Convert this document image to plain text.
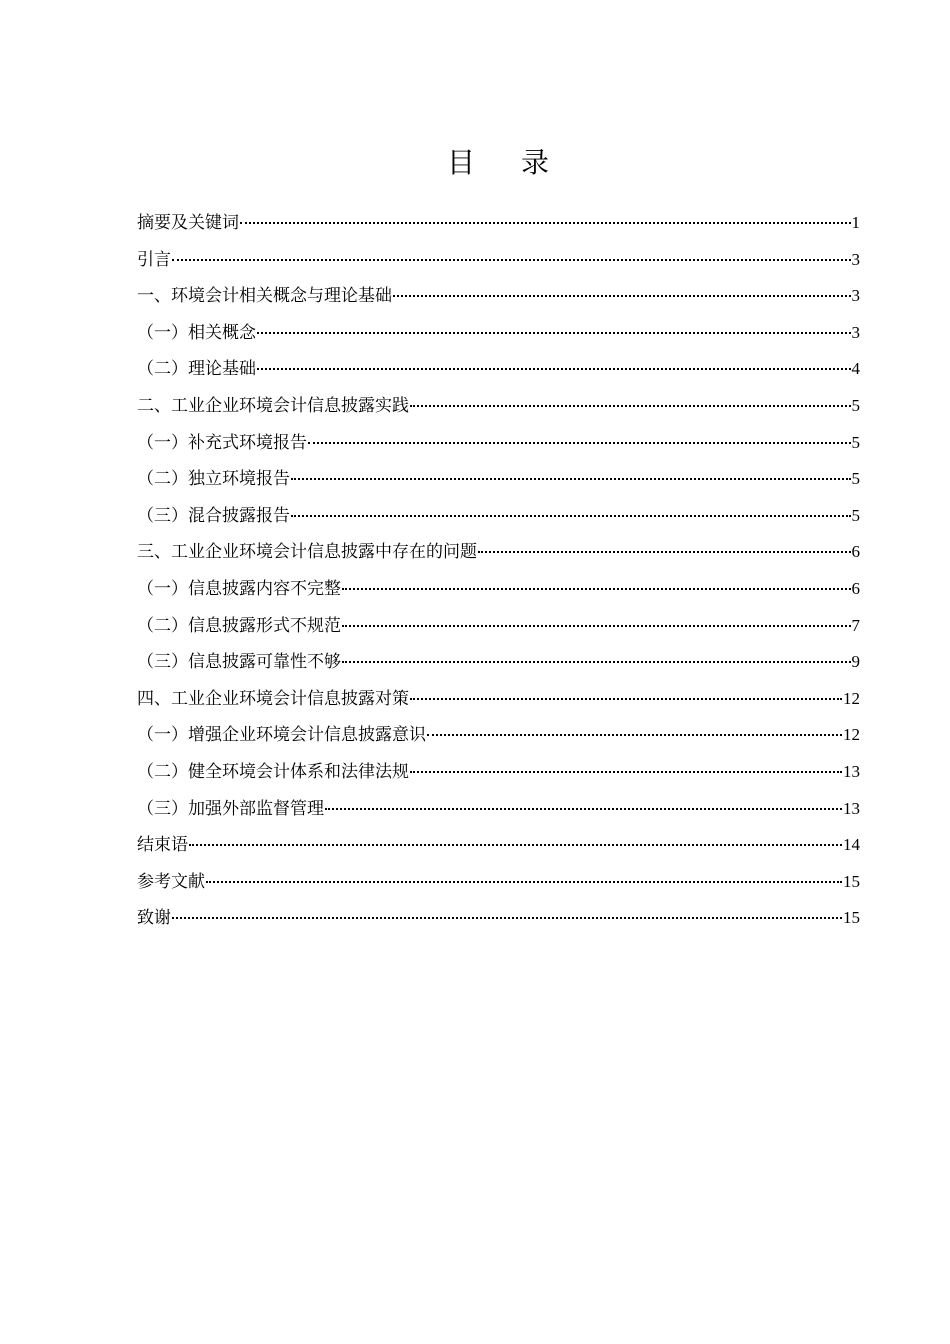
目 录
摘要及关键词	1
引言	3
一、环境会计相关概念与理论基础	3
（一）相关概念	3
（二）理论基础	4
二、工业企业环境会计信息披露实践	5
（一）补充式环境报告	5
（二）独立环境报告	5
（三）混合披露报告	5
三、工业企业环境会计信息披露中存在的问题	6
（一）信息披露内容不完整	6
（二）信息披露形式不规范	7
（三）信息披露可靠性不够	9
四、工业企业环境会计信息披露对策	12
（一）增强企业环境会计信息披露意识	12
（二）健全环境会计体系和法律法规	13
（三）加强外部监督管理	13
结束语	14
参考文献	15
致谢	15
